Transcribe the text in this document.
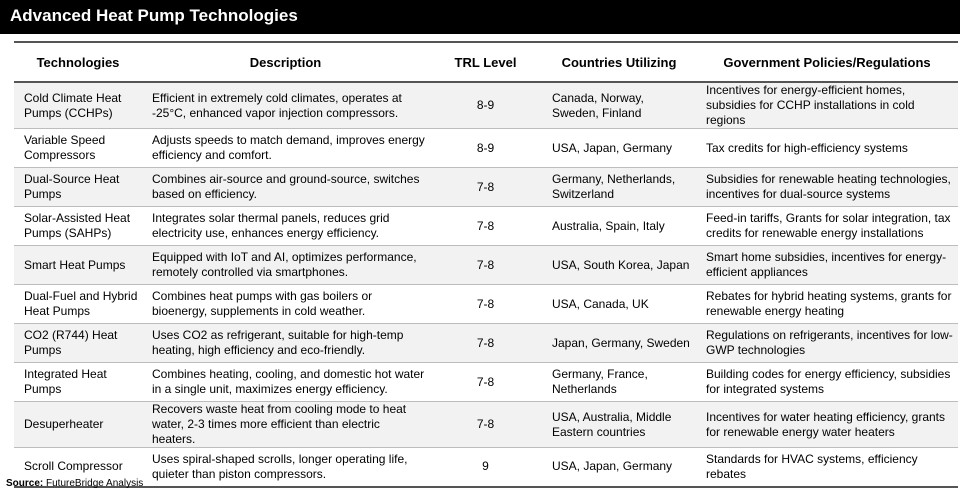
Advanced Heat Pump Technologies
Technologies	Description	TRL Level	Countries Utilizing	Government Policies/Regulations
Cold Climate Heat Pumps (CCHPs)	Efficient in extremely cold climates, operates at -25°C, enhanced vapor injection compressors.	8-9	Canada, Norway, Sweden, Finland	Incentives for energy-efficient homes, subsidies for CCHP installations in cold regions
Variable Speed Compressors	Adjusts speeds to match demand, improves energy efficiency and comfort.	8-9	USA, Japan, Germany	Tax credits for high-efficiency systems
Dual-Source Heat Pumps	Combines air-source and ground-source, switches based on efficiency.	7-8	Germany, Netherlands, Switzerland	Subsidies for renewable heating technologies, incentives for dual-source systems
Solar-Assisted Heat Pumps (SAHPs)	Integrates solar thermal panels, reduces grid electricity use, enhances energy efficiency.	7-8	Australia, Spain, Italy	Feed-in tariffs, Grants for solar integration, tax credits for renewable energy installations
Smart Heat Pumps	Equipped with IoT and AI, optimizes performance, remotely controlled via smartphones.	7-8	USA, South Korea, Japan	Smart home subsidies, incentives for energy-efficient appliances
Dual-Fuel and Hybrid Heat Pumps	Combines heat pumps with gas boilers or bioenergy, supplements in cold weather.	7-8	USA, Canada, UK	Rebates for hybrid heating systems, grants for renewable energy heating
CO2 (R744) Heat Pumps	Uses CO2 as refrigerant, suitable for high-temp heating, high efficiency and eco-friendly.	7-8	Japan, Germany, Sweden	Regulations on refrigerants, incentives for low-GWP technologies
Integrated Heat Pumps	Combines heating, cooling, and domestic hot water in a single unit, maximizes energy efficiency.	7-8	Germany, France, Netherlands	Building codes for energy efficiency, subsidies for integrated systems
Desuperheater	Recovers waste heat from cooling mode to heat water, 2-3 times more efficient than electric heaters.	7-8	USA, Australia, Middle Eastern countries	Incentives for water heating efficiency, grants for renewable energy water heaters
Scroll Compressor	Uses spiral-shaped scrolls, longer operating life, quieter than piston compressors.	9	USA, Japan, Germany	Standards for HVAC systems, efficiency rebates
Source: FutureBridge Analysis
